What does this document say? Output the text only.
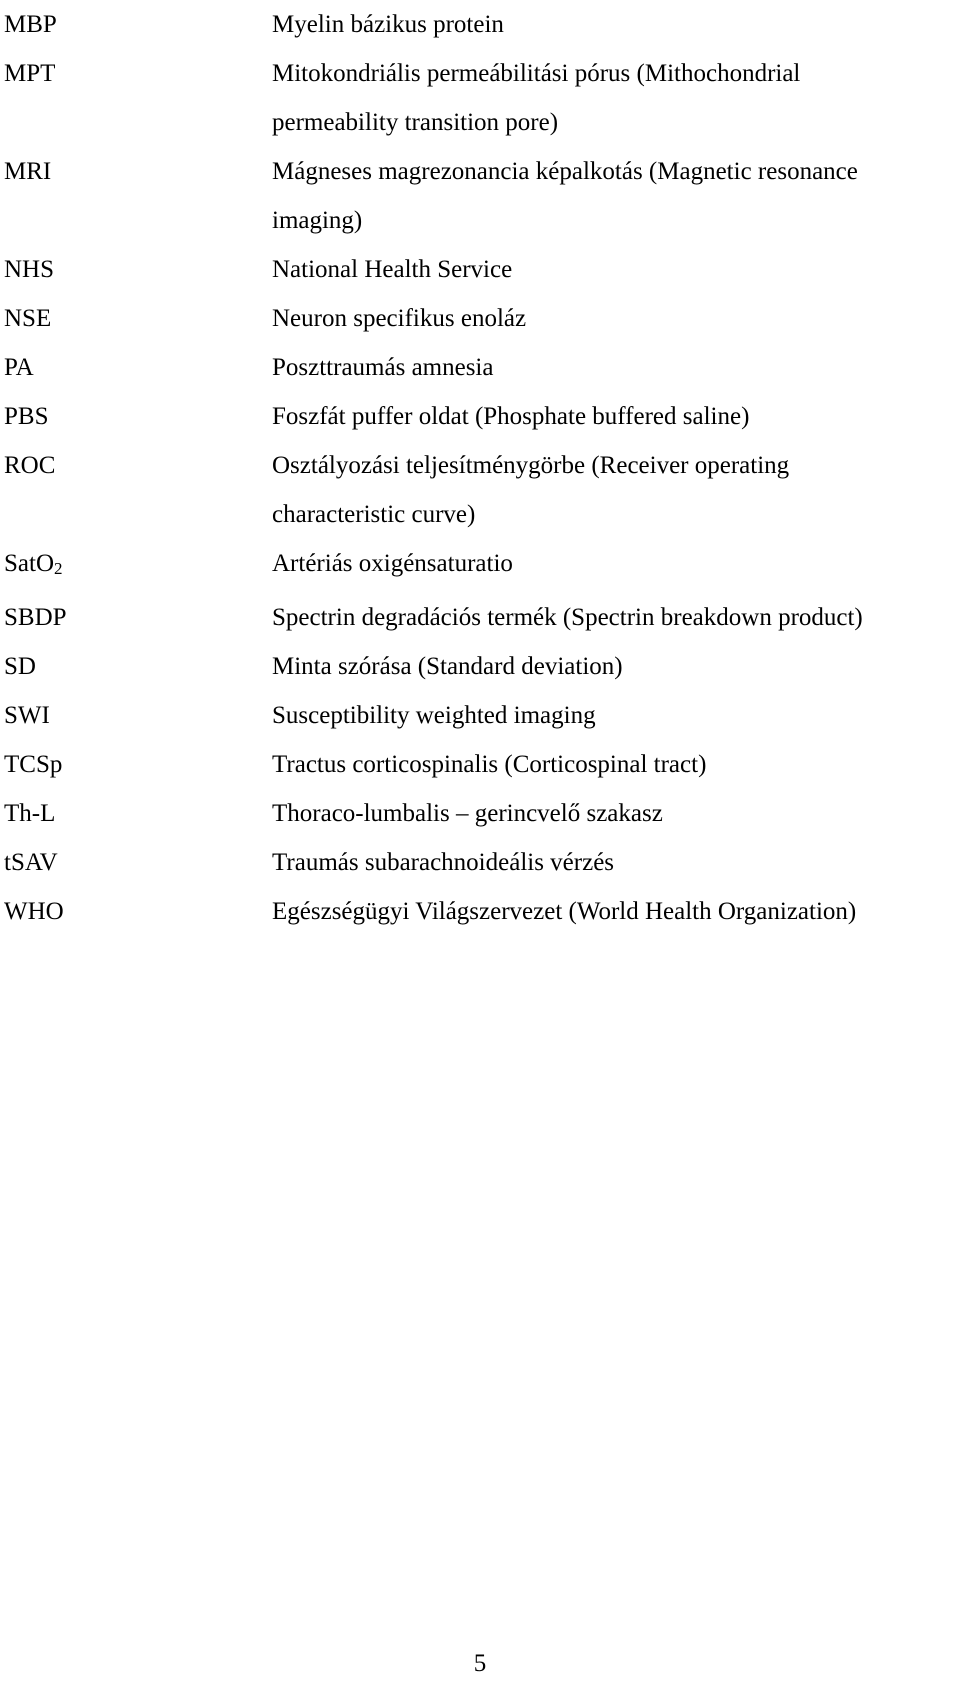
MBP	Myelin bázikus protein
MPT	Mitokondriális permeábilitási pórus (Mithochondrial
permeability transition pore)
MRI	Mágneses magrezonancia képalkotás (Magnetic resonance
imaging)
NHS	National Health Service
NSE	Neuron specifikus enoláz
PA	Poszttraumás amnesia
PBS	Foszfát puffer oldat (Phosphate buffered saline)
ROC	Osztályozási teljesítménygörbe (Receiver operating
characteristic curve)
SatO2	Artériás oxigénsaturatio
SBDP	Spectrin degradációs termék (Spectrin breakdown product)
SD	Minta szórása (Standard deviation)
SWI	Susceptibility weighted imaging
TCSp	Tractus corticospinalis (Corticospinal tract)
Th-L	Thoraco-lumbalis – gerincvelő szakasz
tSAV	Traumás subarachnoideális vérzés
WHO	Egészségügyi Világszervezet (World Health Organization)
5
